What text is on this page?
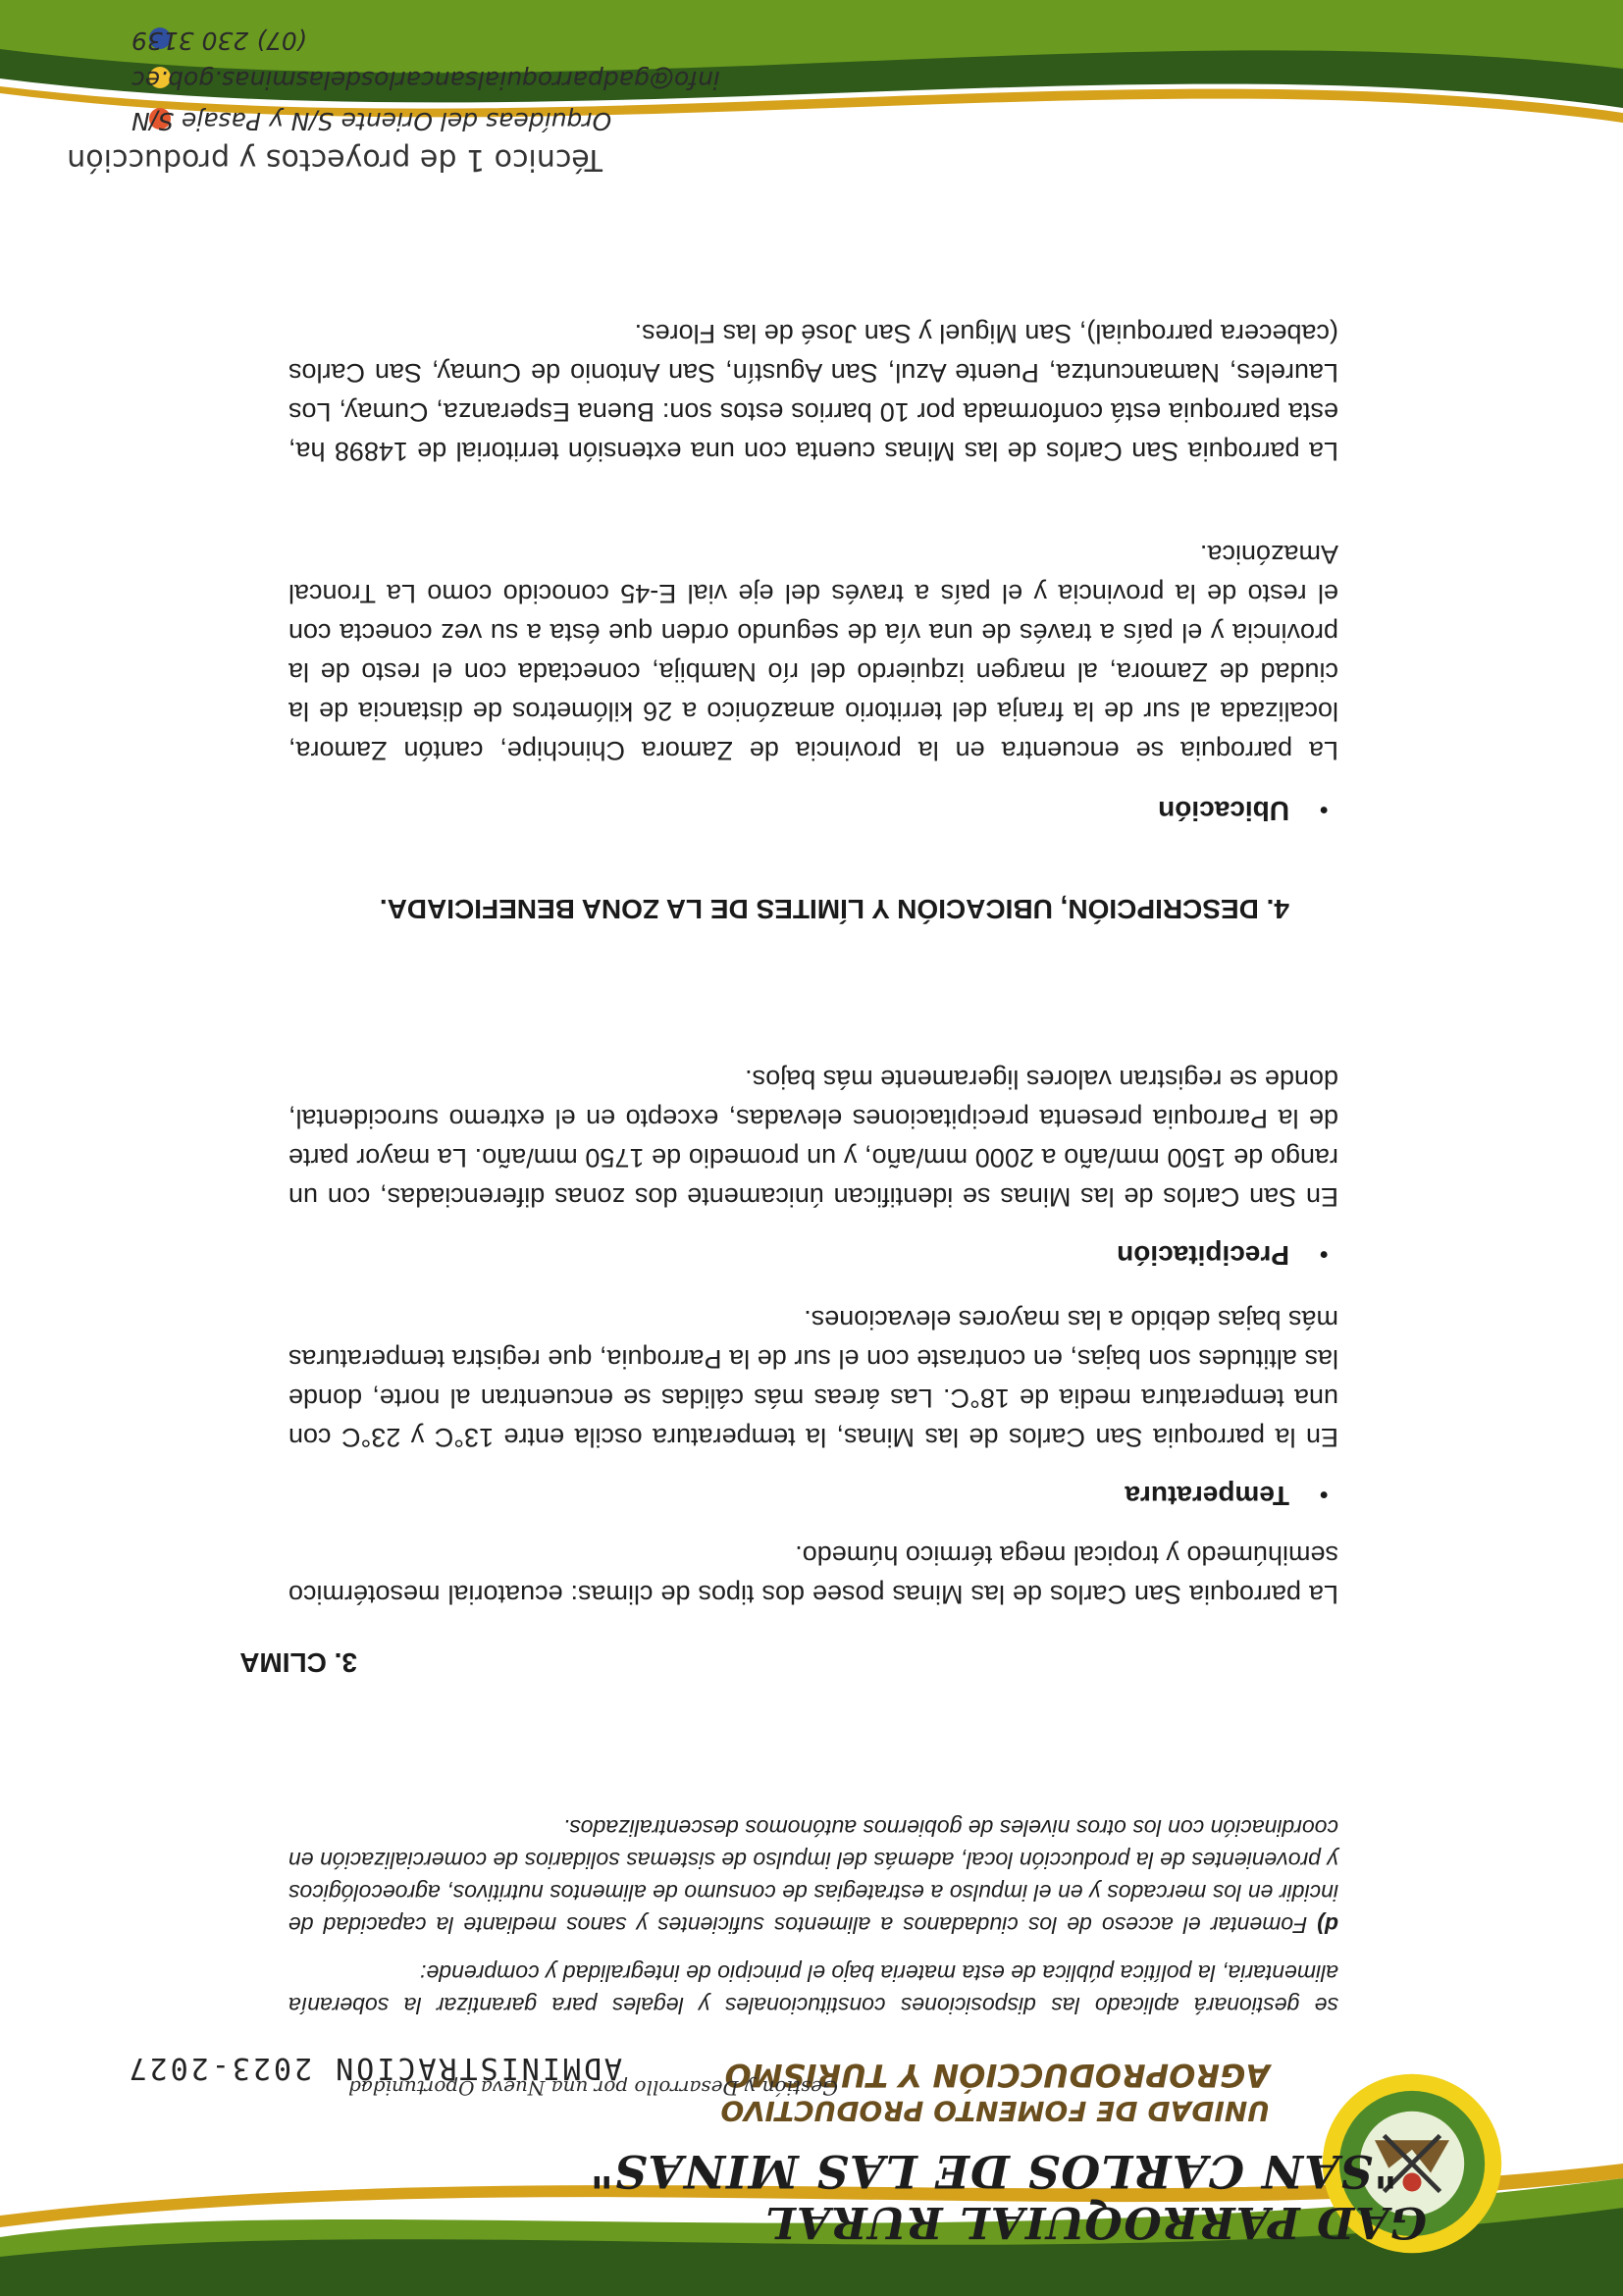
GAD PARROQUIAL RURAL
"SAN CARLOS DE LAS MINAS"
UNIDAD DE FOMENTO PRODUCTIVO
AGROPRODUCCIÓN Y TURISMO
Gestión y Desarrollo por una Nueva Oportunidad
ADMINISTRACIÓN 2023-2027
se gestionará aplicado las disposiciones constitucionales y legales para garantizar la soberanía alimentaria, la política pública de esta materia bajo el principio de integralidad y comprende:
d) Fomentar el acceso de los ciudadanos a alimentos suficientes y sanos mediante la capacidad de incidir en los mercados y en el impulso a estrategias de consumo de alimentos nutritivos, agroecológicos y provenientes de la producción local, además del impulso de sistemas solidarios de comercialización en coordinación con los otros niveles de gobiernos autónomos descentralizados.
3. CLIMA
La parroquia San Carlos de las Minas posee dos tipos de climas: ecuatorial mesotérmico semihúmedo y tropical mega térmico húmedo.
● Temperatura
En la parroquia San Carlos de las Minas, la temperatura oscila entre 13°C y 23°C con una temperatura media de 18°C. Las áreas más cálidas se encuentran al norte, donde las altitudes son bajas, en contraste con el sur de la Parroquia, que registra temperaturas más bajas debido a las mayores elevaciones.
● Precipitación
En San Carlos de las Minas se identifican únicamente dos zonas diferenciadas, con un rango de 1500 mm/año a 2000 mm/año, y un promedio de 1750 mm/año. La mayor parte de la Parroquia presenta precipitaciones elevadas, excepto en el extremo surocidental, donde se registran valores ligeramente más bajos.
4. DESCRIPCIÓN, UBICACIÓN Y LÍMITES DE LA ZONA BENEFICIADA.
● Ubicación
La parroquia se encuentra en la provincia de Zamora Chinchipe, cantón Zamora, localizada al sur de la franja del territorio amazónico a 26 kilómetros de distancia de la ciudad de Zamora, al margen izquierdo del río Nambija, conectada con el resto de la provincia y el país a través de una vía de segundo orden que ésta a su vez conecta con el resto de la provincia y el país a través del eje vial E-45 conocido como La Troncal Amazónica.
La parroquia San Carlos de las Minas cuenta con una extensión territorial de 14898 ha, esta parroquia está conformada por 10 barrios estos son: Buena Esperanza, Cumay, Los Laureles, Namancuntza, Puente Azul, San Agustín, San Antonio de Cumay, San Carlos (cabecera parroquial), San Miguel y San José de las Flores.
Técnico 1 de proyectos y producción
Orquídeas del Oriente S/N y Pasaje S/N
info@gadparroquialsancarlosdelasminas.gob.ec
(07) 230 3139
